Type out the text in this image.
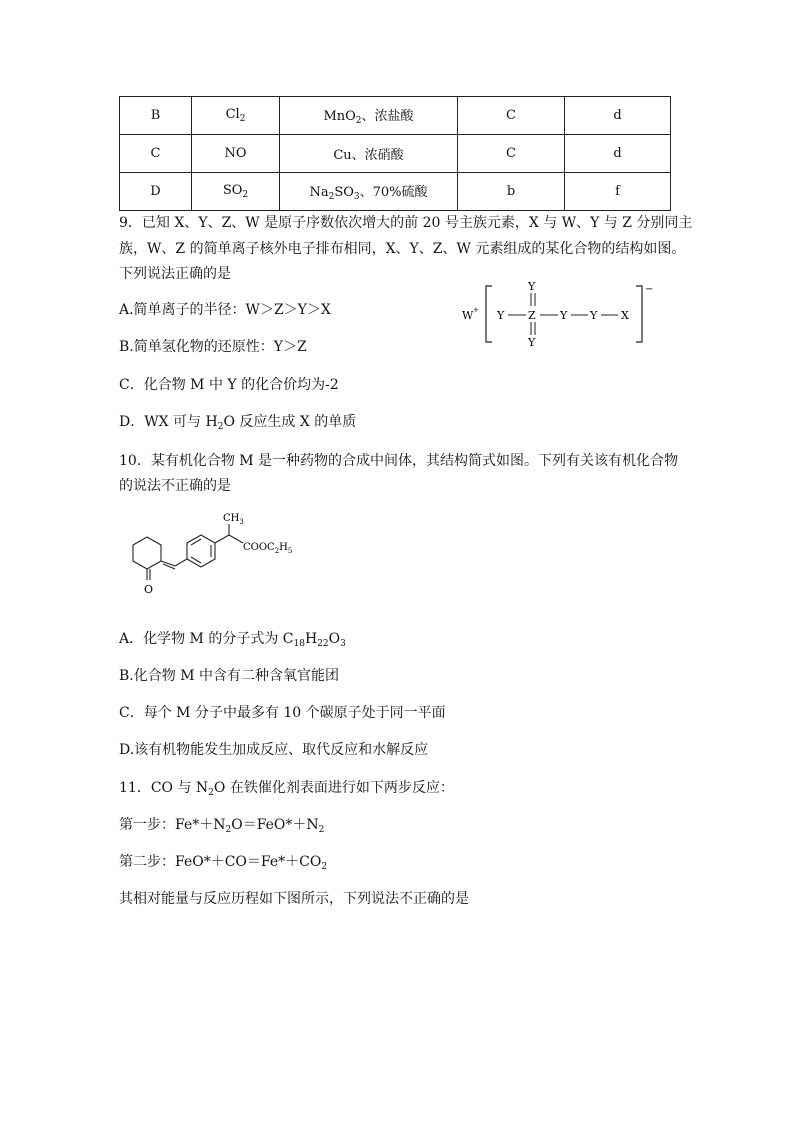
B	$Cl_2$	MnO$_2$、浓盐酸	C	d
C	NO	Cu、浓硝酸	C	d
D	$SO_2$	$Na_2SO_3$、70%硫酸	b	f
9．已知 X、Y、Z、W 是原子序数依次增大的前 20 号主族元素，X 与 W、Y 与 Z 分别同主
族，W、Z 的简单离子核外电子排布相同，X、Y、Z、W 元素组成的某化合物的结构如图。
下列说法正确的是
A.简单离子的半径：W＞Z＞Y＞X
B.简单氢化物的还原性：Y＞Z
C．化合物 M 中 Y 的化合价均为-2
D．WX 可与 $H_2O$ 反应生成 X 的单质
W + Y Z
Y
Y
Y Y X
−
10．某有机化合物 M 是一种药物的合成中间体，其结构简式如图。下列有关该有机化合物
的说法不正确的是
$CH_3$
$COOC_2H_5$
O
A．化学物 M 的分子式为 $C_{18}H_{22}O_3$
B.化合物 M 中含有二种含氧官能团
C．每个 M 分子中最多有 10 个碳原子处于同一平面
D.该有机物能发生加成反应、取代反应和水解反应
11．CO 与 $N_2O$ 在铁催化剂表面进行如下两步反应：
第一步：$Fe*+N_2O=FeO*+N_2$
第二步：$FeO*+CO=Fe*+CO_2$
其相对能量与反应历程如下图所示，下列说法不正确的是
